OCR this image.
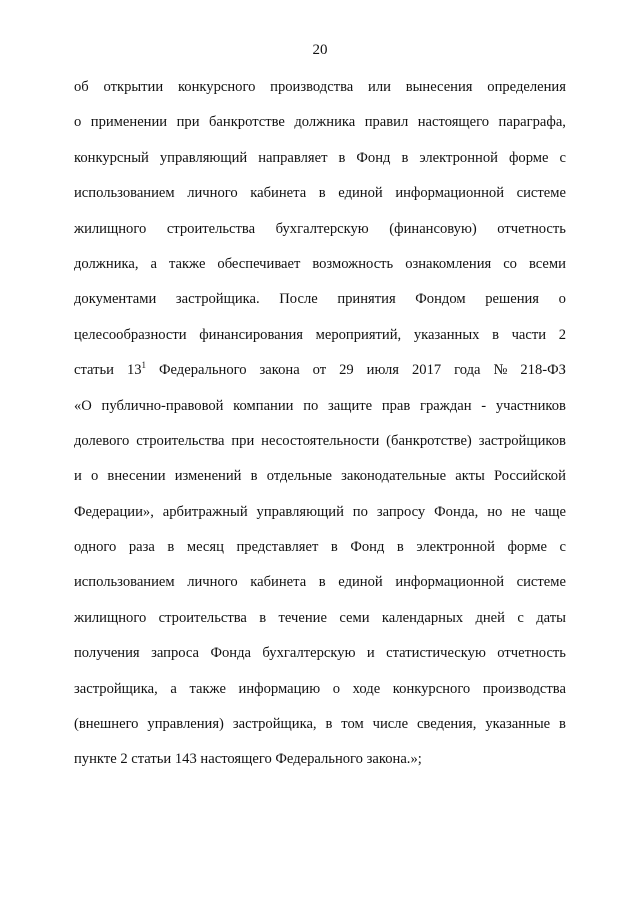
20
об открытии конкурсного производства или вынесения определения
о применении при банкротстве должника правил настоящего параграфа,
конкурсный управляющий направляет в Фонд в электронной форме с
использованием личного кабинета в единой информационной системе
жилищного строительства бухгалтерскую (финансовую) отчетность
должника, а также обеспечивает возможность ознакомления со всеми
документами застройщика. После принятия Фондом решения о
целесообразности финансирования мероприятий, указанных в части 2
статьи $13^1$ Федерального закона от 29 июля 2017 года № 218-ФЗ
«О публично-правовой компании по защите прав граждан - участников
долевого строительства при несостоятельности (банкротстве) застройщиков
и о внесении изменений в отдельные законодательные акты Российской
Федерации», арбитражный управляющий по запросу Фонда, но не чаще
одного раза в месяц представляет в Фонд в электронной форме с
использованием личного кабинета в единой информационной системе
жилищного строительства в течение семи календарных дней с даты
получения запроса Фонда бухгалтерскую и статистическую отчетность
застройщика, а также информацию о ходе конкурсного производства
(внешнего управления) застройщика, в том числе сведения, указанные в
пункте 2 статьи 143 настоящего Федерального закона.»;
